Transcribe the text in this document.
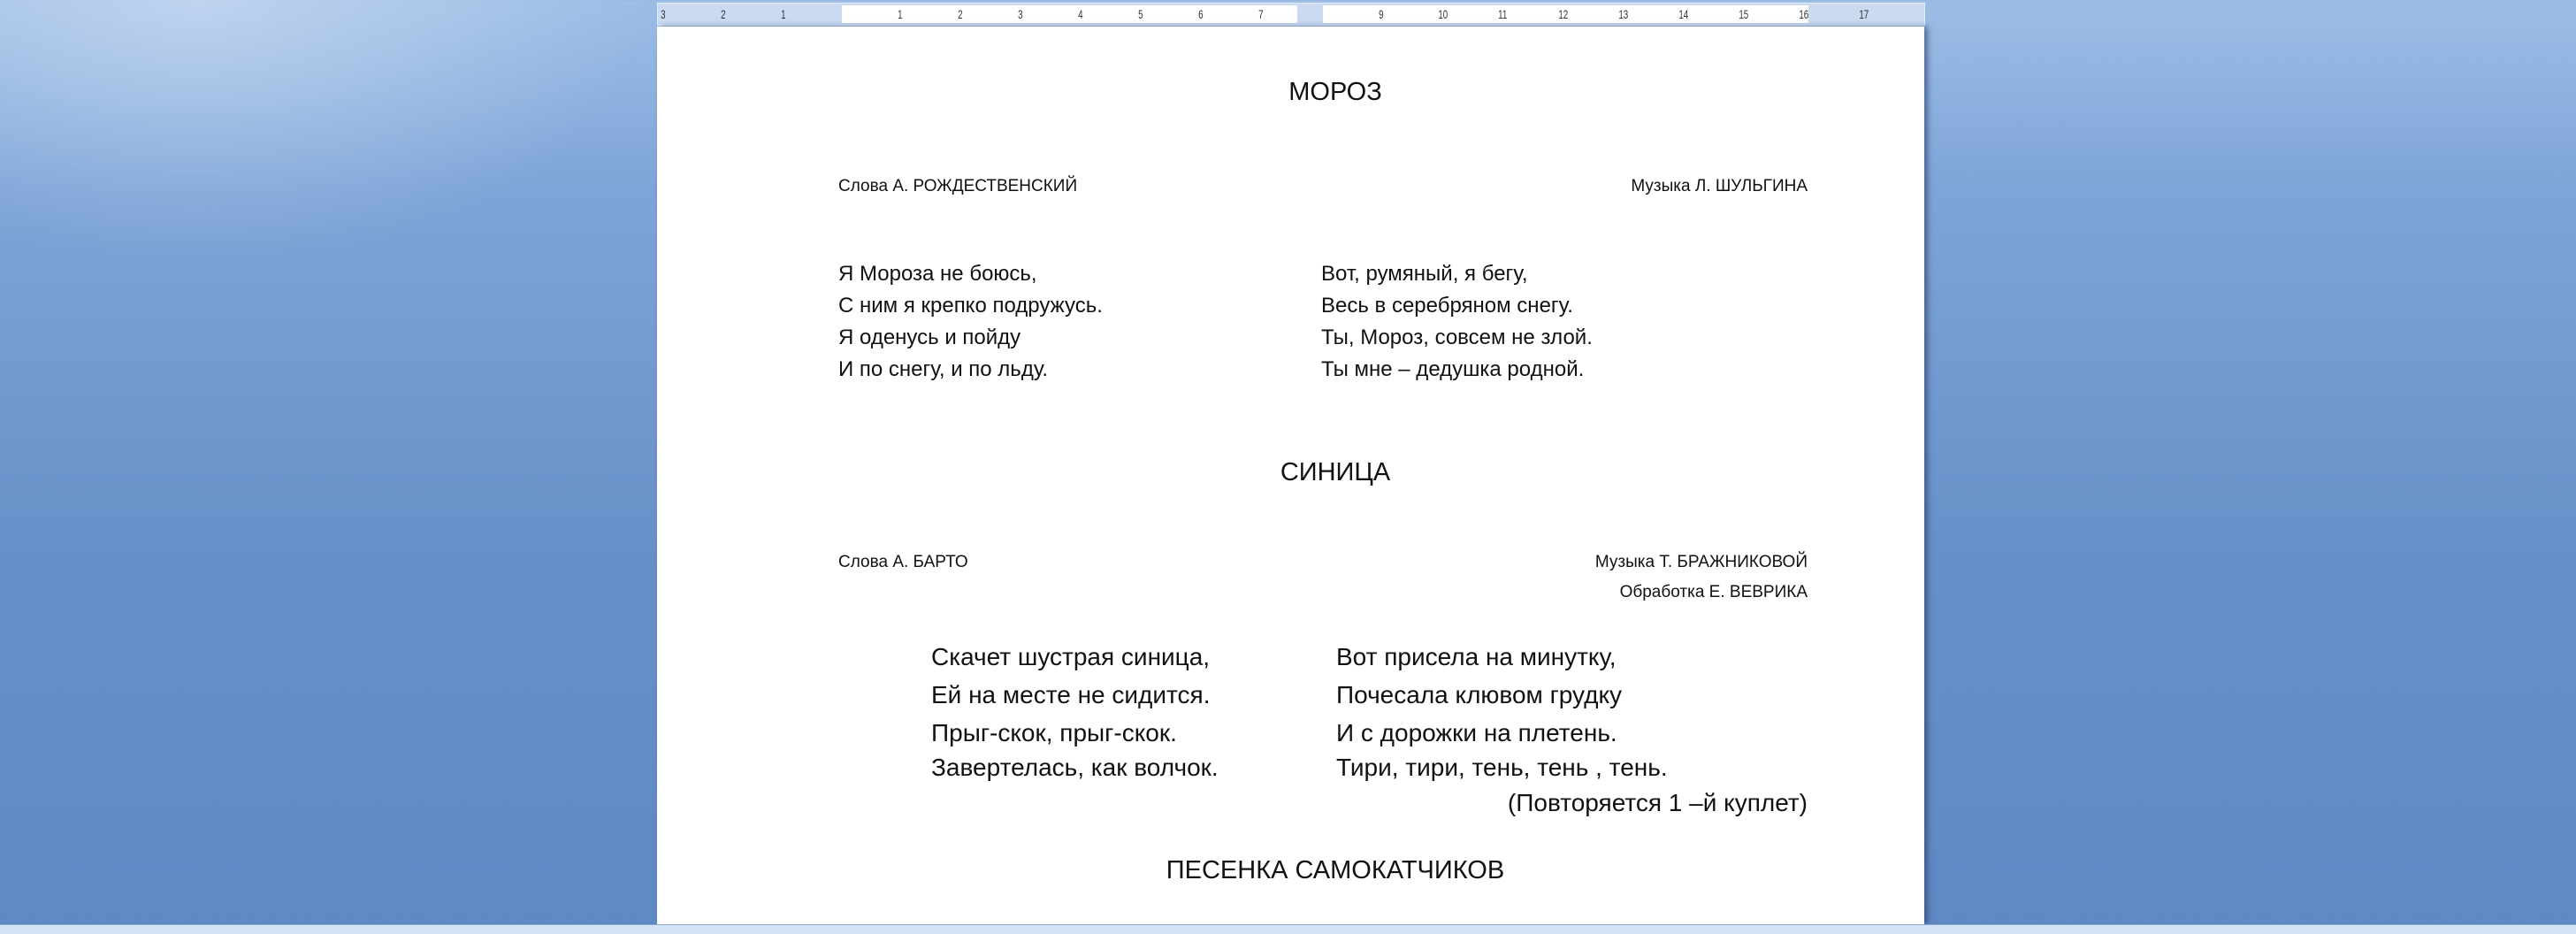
3	2	1	1	2	3	4	5	6	7	9	10	11	12	13	14	15	16	17
МОРОЗ
Слова А. РОЖДЕСТВЕНСКИЙ	Музыка Л. ШУЛЬГИНА
Я Мороза не боюсь,
С ним я крепко подружусь.
Я оденусь и пойду
И по снегу, и по льду.
Вот, румяный, я бегу,
Весь в серебряном снегу.
Ты, Мороз, совсем не злой.
Ты мне – дедушка родной.
СИНИЦА
Слова А. БАРТО	Музыка Т. БРАЖНИКОВОЙ
Обработка Е. ВЕВРИКА
Скачет шустрая синица,
Ей на месте не сидится.
Прыг-скок, прыг-скок.
Завертелась, как волчок.
Вот присела на минутку,
Почесала клювом грудку
И с дорожки на плетень.
Тири, тири, тень, тень , тень.
(Повторяется 1 –й куплет)
ПЕСЕНКА САМОКАТЧИКОВ
